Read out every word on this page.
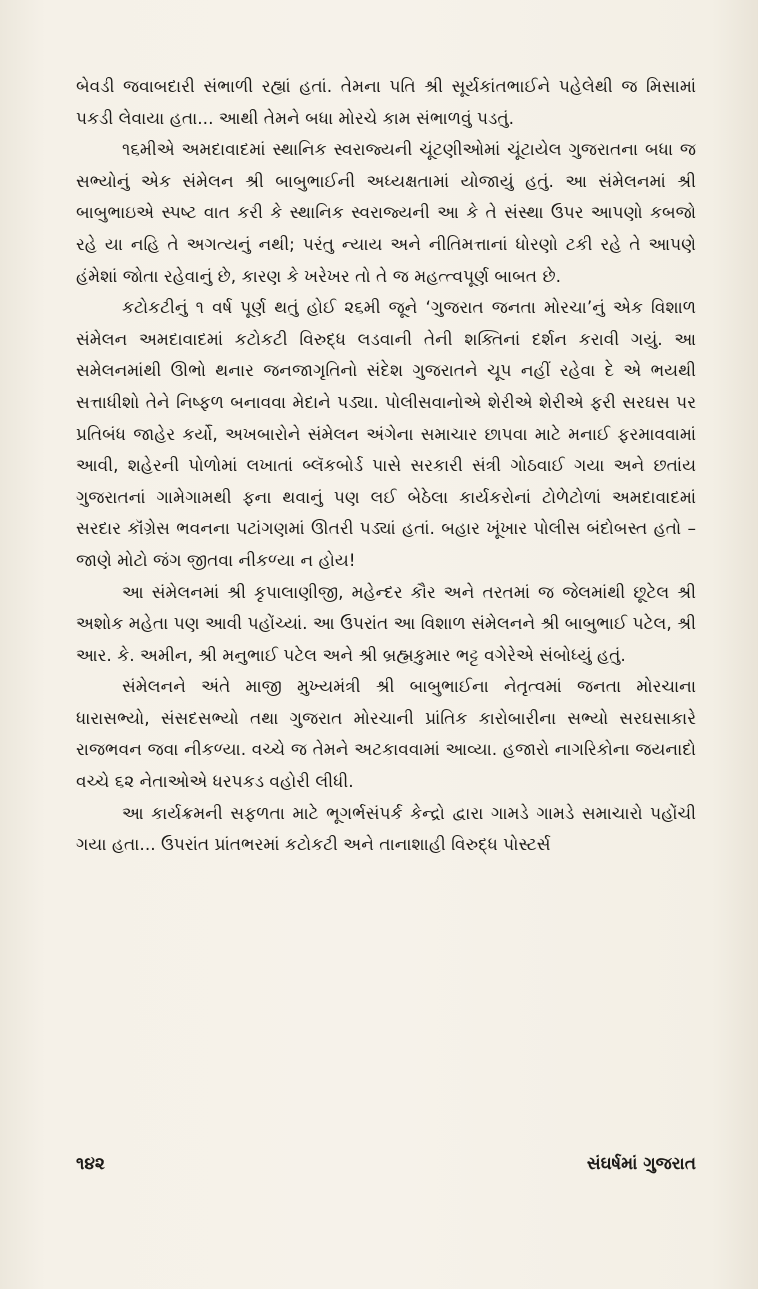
બેવડી જવાબદારી સંભાળી રહ્યાં હતાં. તેમના પતિ શ્રી સૂર્યકાંતભાઈને પહેલેથી જ મિસામાં પકડી લેવાયા હતા... આથી તેમને બધા મોરચે કામ સંભાળવું પડતું.

૧૬મીએ અમદાવાદમાં સ્થાનિક સ્વરાજ્યની ચૂંટણીઓમાં ચૂંટાયેલ ગુજરાતના બધા જ સભ્યોનું એક સંમેલન શ્રી બાબુભાઈની અધ્યક્ષતામાં યોજાયું હતું. આ સંમેલનમાં શ્રી બાબુભાઇએ સ્પષ્ટ વાત કરી કે સ્થાનિક સ્વરાજ્યની આ કે તે સંસ્થા ઉપર આપણો કબજો રહે યા નહિ તે અગત્યનું નથી; પરંતુ ન્યાય અને નીતિમત્તાનાં ધોરણો ટકી રહે તે આપણે હંમેશાં જોતા રહેવાનું છે, કારણ કે ખરેખર તો તે જ મહત્ત્વપૂર્ણ બાબત છે.

કટોકટીનું ૧ વર્ષ પૂર્ણ થતું હોઈ ૨૬મી જૂને ‘ગુજરાત જનતા મોરચા’નું એક વિશાળ સંમેલન અમદાવાદમાં કટોકટી વિરુદ્ધ લડવાની તેની શક્તિનાં દર્શન કરાવી ગયું. આ સમેલનમાંથી ઊભો થનાર જનજાગૃતિનો સંદેશ ગુજરાતને ચૂપ નહીં રહેવા દે એ ભયથી સત્તાધીશો તેને નિષ્ફળ બનાવવા મેદાને પડ્યા. પોલીસવાનોએ શેરીએ શેરીએ ફરી સરઘસ પર પ્રતિબંધ જાહેર કર્યો, અખબારોને સંમેલન અંગેના સમાચાર છાપવા માટે મનાઈ ફરમાવવામાં આવી, શહેરની પોળોમાં લખાતાં બ્લૅકબોર્ડ પાસે સરકારી સંત્રી ગોઠવાઈ ગયા અને છતાંય ગુજરાતનાં ગામેગામથી ફના થવાનું પણ લઈ બેઠેલા કાર્યકરોનાં ટોળેટોળાં અમદાવાદમાં સરદાર કૉંગ્રેસ ભવનના પટાંગણમાં ઊતરી પડ્યાં હતાં. બહાર ખૂંખાર પોલીસ બંદોબસ્ત હતો – જાણે મોટો જંગ જીતવા નીકળ્યા ન હોય!

આ સંમેલનમાં શ્રી કૃપાલાણીજી, મહેન્દર કૌર અને તરતમાં જ જેલમાંથી છૂટેલ શ્રી અશોક મહેતા પણ આવી પહોંચ્યાં. આ ઉપરાંત આ વિશાળ સંમેલનને શ્રી બાબુભાઈ પટેલ, શ્રી આર. કે. અમીન, શ્રી મનુભાઈ પટેલ અને શ્રી બ્રહ્મકુમાર ભટ્ટ વગેરેએ સંબોધ્યું હતું.

સંમેલનને અંતે માજી મુખ્યમંત્રી શ્રી બાબુભાઈના નેતૃત્વમાં જનતા મોરચાના ધારાસભ્યો, સંસદસભ્યો તથા ગુજરાત મોરચાની પ્રાંતિક કારોબારીના સભ્યો સરઘસાકારે રાજભવન જવા નીકળ્યા. વચ્ચે જ તેમને અટકાવવામાં આવ્યા. હજારો નાગરિકોના જયનાદો વચ્ચે ૬૨ નેતાઓએ ધરપકડ વહોરી લીધી.

આ કાર્યક્રમની સફળતા માટે ભૂગર્ભસંપર્ક કેન્દ્રો દ્વારા ગામડે ગામડે સમાચારો પહોંચી ગયા હતા... ઉપરાંત પ્રાંતભરમાં કટોકટી અને તાનાશાહી વિરુદ્ધ પોસ્ટર્સ

૧૪૨	સંઘર્ષમાં ગુજરાત
